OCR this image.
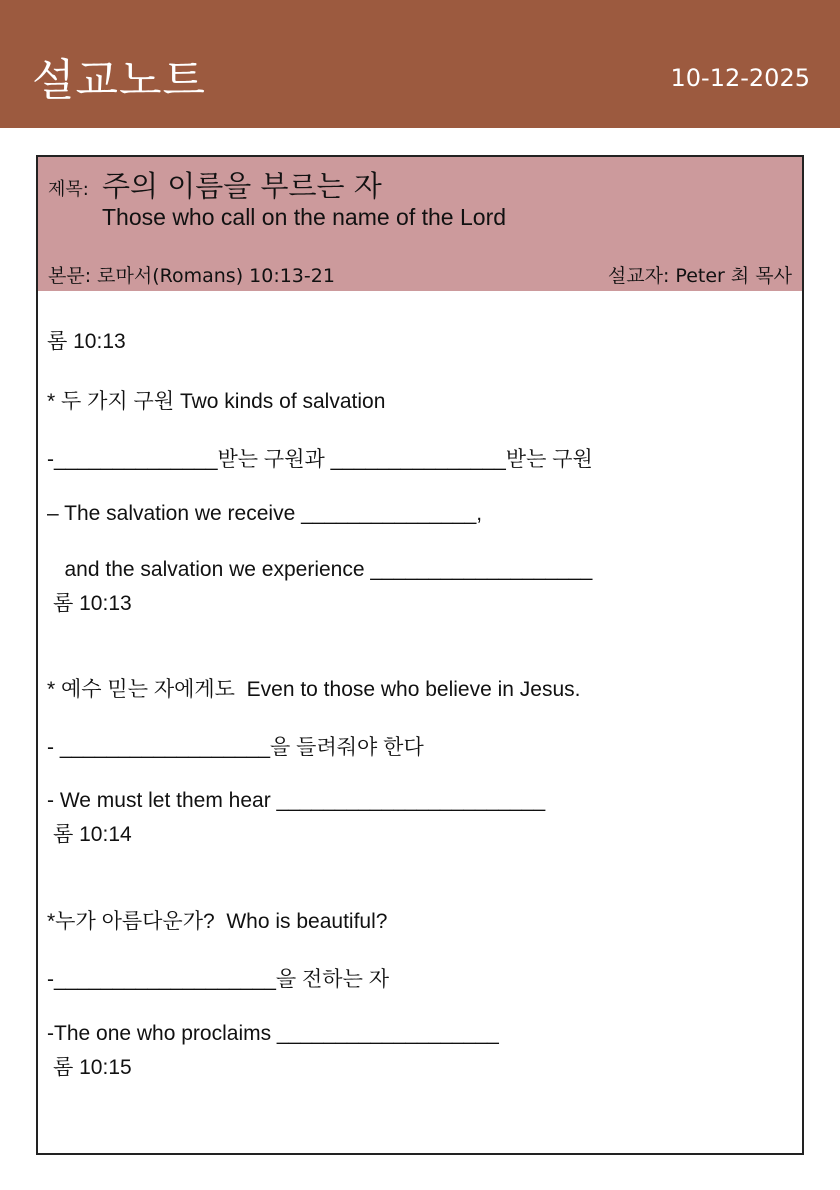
설교노트	10-12-2025
제목: 주의 이름을 부르는 자
Those who call on the name of the Lord
본문: 로마서(Romans) 10:13-21	설교자: Peter 최 목사
롬 10:13
* 두 가지 구원 Two kinds of salvation
-______________받는 구원과 _______________받는 구원
– The salvation we receive _______________,
and the salvation we experience ___________________
롬 10:13
* 예수 믿는 자에게도  Even to those who believe in Jesus.
- __________________을 들려줘야 한다
- We must let them hear _______________________
롬 10:14
*누가 아름다운가?  Who is beautiful?
-___________________을 전하는 자
-The one who proclaims ___________________
롬 10:15
